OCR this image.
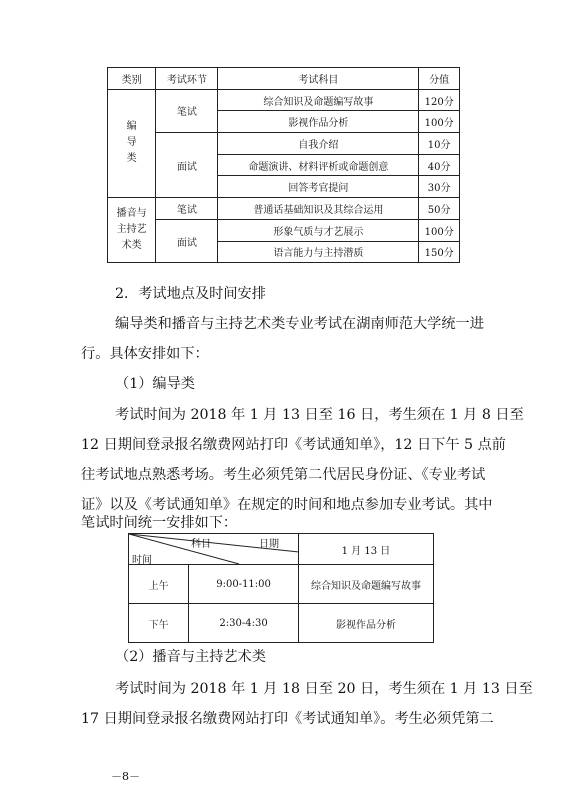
类别	考试环节	考试科目	分值

编
导
类	笔试	综合知识及命题编写故事	120分
		影视作品分析	100分
	面试	自我介绍	10分
		命题演讲、材料评析或命题创意	40分
		回答考官提问	30分

播音与
主持艺
术类	笔试	普通话基础知识及其综合运用	50分
	面试	形象气质与才艺展示	100分
		语言能力与主持潜质	150分

2．考试地点及时间安排

编导类和播音与主持艺术类专业考试在湖南师范大学统一进

行。具体安排如下：

（1）编导类

考试时间为 2018 年 1 月 13 日至 16 日，考生须在 1 月 8 日至

12 日期间登录报名缴费网站打印《考试通知单》，12 日下午 5 点前

往考试地点熟悉考场。考生必须凭第二代居民身份证、《专业考试

证》以及《考试通知单》在规定的时间和地点参加专业考试。其中

科目 日期
时间		1 月 13 日
上午	9:00-11:00	综合知识及命题编写故事
下午	2:30-4:30	影视作品分析

笔试时间统一安排如下：

（2）播音与主持艺术类

考试时间为 2018 年 1 月 18 日至 20 日，考生须在 1 月 13 日至

17 日期间登录报名缴费网站打印《考试通知单》。考生必须凭第二

－8－
